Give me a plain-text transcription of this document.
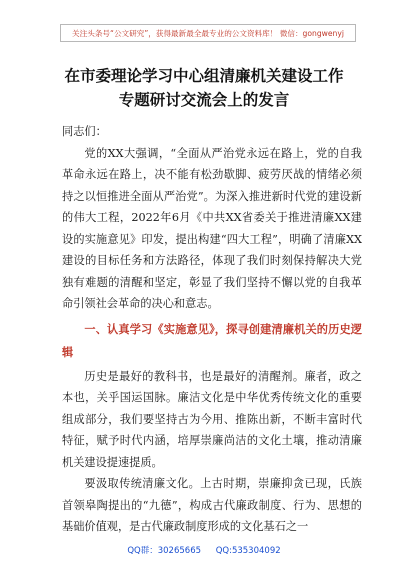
关注头条号“公文研究”，获得最新最全最专业的公文资料库！ 微信：gongwenyj
在市委理论学习中心组清廉机关建设工作
专题研讨交流会上的发言

同志们：

党的XX大强调，“全面从严治党永远在路上，党的自我革命永远在路上，决不能有松劲歇脚、疲劳厌战的情绪必须持之以恒推进全面从严治党”。为深入推进新时代党的建设新的伟大工程，2022年6月《中共XX省委关于推进清廉XX建设的实施意见》印发，提出构建“四大工程”，明确了清廉XX建设的目标任务和方法路径，体现了我们时刻保持解决大党独有难题的清醒和坚定，彰显了我们坚持不懈以党的自我革命引领社会革命的决心和意志。

一、认真学习《实施意见》，探寻创建清廉机关的历史逻辑

历史是最好的教科书，也是最好的清醒剂。廉者，政之本也，关乎国运国脉。廉洁文化是中华优秀传统文化的重要组成部分，我们要坚持古为今用、推陈出新，不断丰富时代特征，赋予时代内涵，培厚崇廉尚洁的文化土壤，推动清廉机关建设提速提质。

要汲取传统清廉文化。上古时期，崇廉抑贪已现，氏族首领皋陶提出的“九德”，构成古代廉政制度、行为、思想的基础价值观，是古代廉政制度形成的文化基石之一

QQ群：30265665 QQ:535304092
